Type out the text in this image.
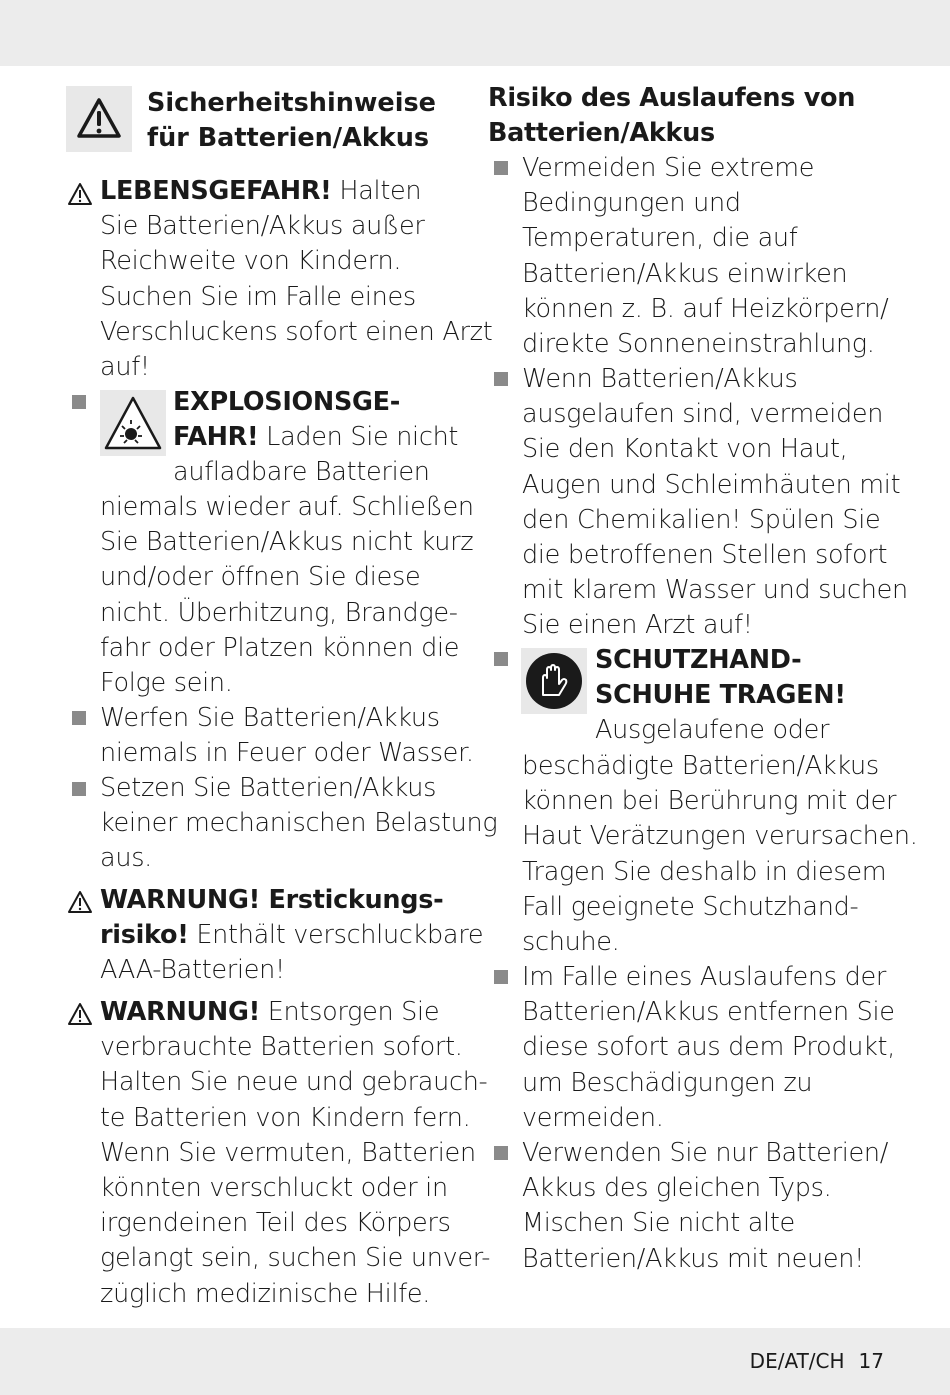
Sicherheitshinweise
für Batterien/Akkus
LEBENSGEFAHR! Halten
Sie Batterien/Akkus außer
Reichweite von Kindern.
Suchen Sie im Falle eines
Verschluckens sofort einen Arzt
auf!
EXPLOSIONSGE-
FAHR! Laden Sie nicht
aufladbare Batterien
niemals wieder auf. Schließen
Sie Batterien/Akkus nicht kurz
und/oder öffnen Sie diese
nicht. Überhitzung, Brandge-
fahr oder Platzen können die
Folge sein.
Werfen Sie Batterien/Akkus
niemals in Feuer oder Wasser.
Setzen Sie Batterien/Akkus
keiner mechanischen Belastung
aus.
WARNUNG! Erstickungs-
risiko! Enthält verschluckbare
AAA-Batterien!
WARNUNG! Entsorgen Sie
verbrauchte Batterien sofort.
Halten Sie neue und gebrauch-
te Batterien von Kindern fern.
Wenn Sie vermuten, Batterien
könnten verschluckt oder in
irgendeinen Teil des Körpers
gelangt sein, suchen Sie unver-
züglich medizinische Hilfe.
Risiko des Auslaufens von
Batterien/Akkus
Vermeiden Sie extreme
Bedingungen und
Temperaturen, die auf
Batterien/Akkus einwirken
können z. B. auf Heizkörpern/
direkte Sonneneinstrahlung.
Wenn Batterien/Akkus
ausgelaufen sind, vermeiden
Sie den Kontakt von Haut,
Augen und Schleimhäuten mit
den Chemikalien! Spülen Sie
die betroffenen Stellen sofort
mit klarem Wasser und suchen
Sie einen Arzt auf!
SCHUTZHAND-
SCHUHE TRAGEN!
Ausgelaufene oder
beschädigte Batterien/Akkus
können bei Berührung mit der
Haut Verätzungen verursachen.
Tragen Sie deshalb in diesem
Fall geeignete Schutzhand-
schuhe.
Im Falle eines Auslaufens der
Batterien/Akkus entfernen Sie
diese sofort aus dem Produkt,
um Beschädigungen zu
vermeiden.
Verwenden Sie nur Batterien/
Akkus des gleichen Typs.
Mischen Sie nicht alte
Batterien/Akkus mit neuen!
DE/AT/CH 17
